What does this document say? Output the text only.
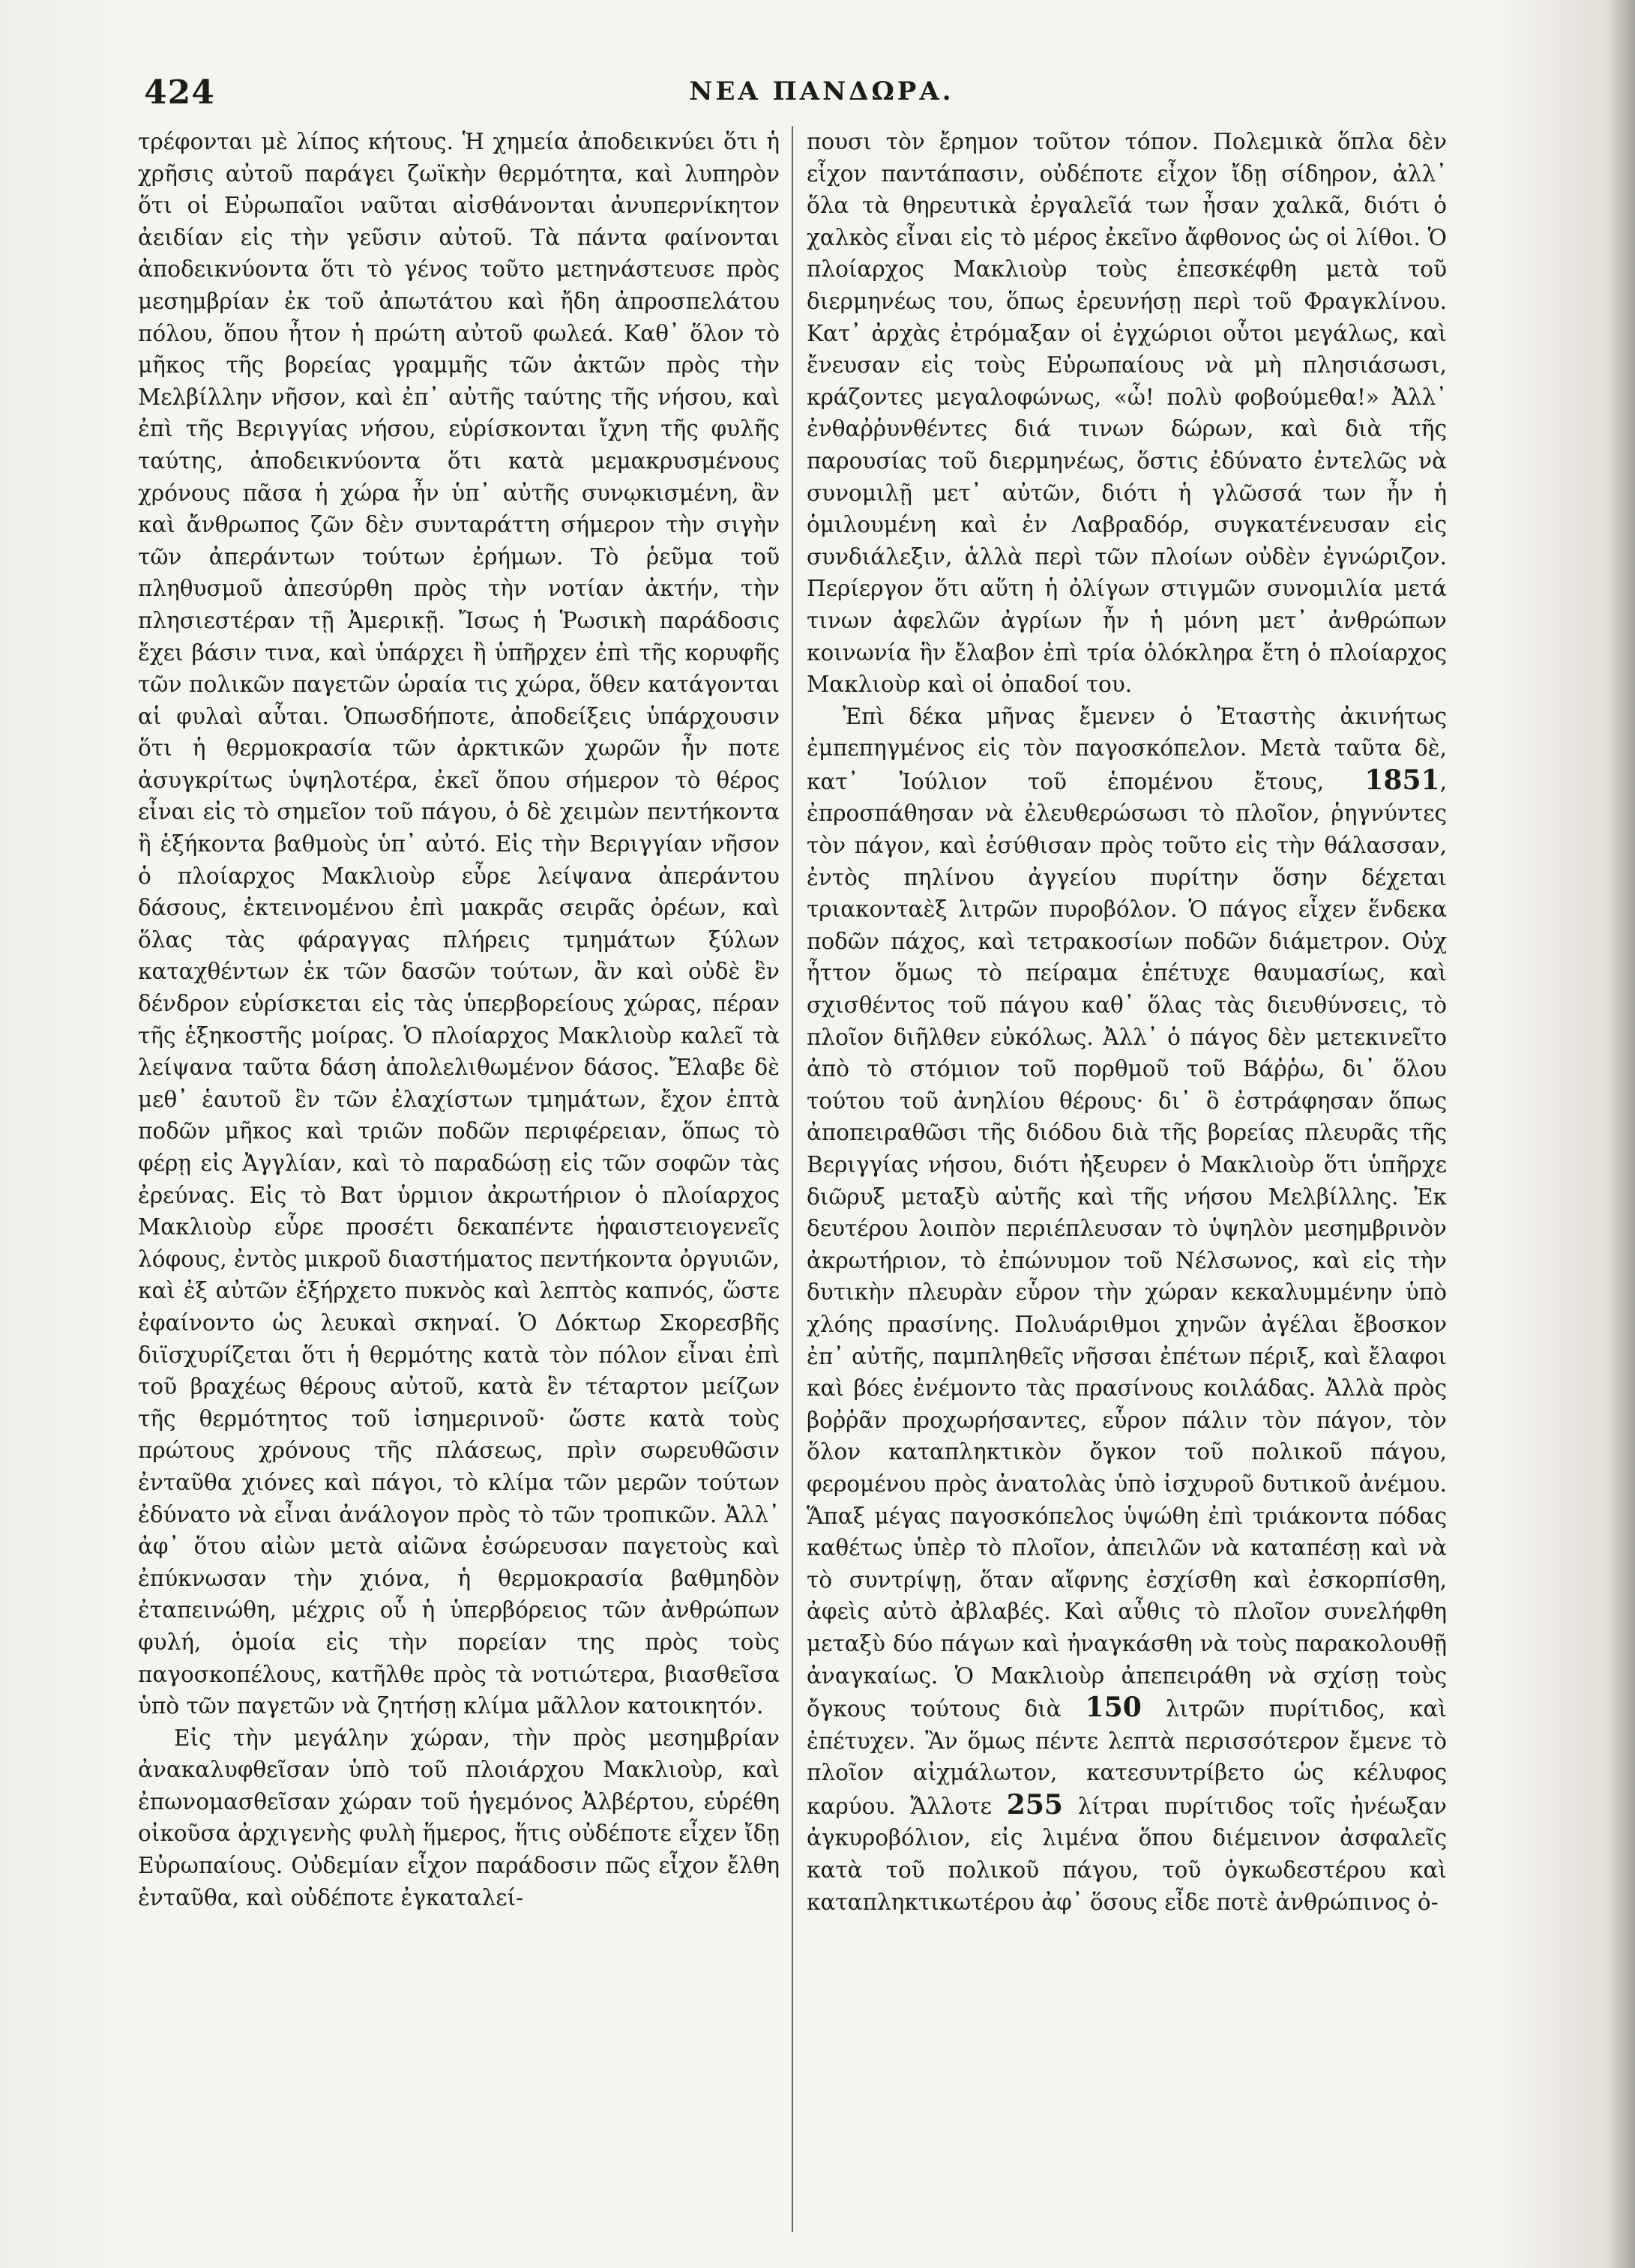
424	ΝΕΑ ΠΑΝΔΩΡΑ.

τρέφονται μὲ λίπος κήτους. Ἡ χημεία ἀποδεικνύει ὅτι ἡ χρῆσις αὐτοῦ παράγει ζωϊκὴν θερμότητα, καὶ λυπηρὸν ὅτι οἱ Εὐρωπαῖοι ναῦται αἰσθάνονται ἀνυπερνίκητον ἀειδίαν εἰς τὴν γεῦσιν αὐτοῦ. Τὰ πάντα φαίνονται ἀποδεικνύοντα ὅτι τὸ γένος τοῦτο μετηνάστευσε πρὸς μεσημβρίαν ἐκ τοῦ ἀπωτάτου καὶ ἤδη ἀπροσπελάτου πόλου, ὅπου ἦτον ἡ πρώτη αὐτοῦ φωλεά. Καθ᾿ ὅλον τὸ μῆκος τῆς βορείας γραμμῆς τῶν ἀκτῶν πρὸς τὴν Μελβίλλην νῆσον, καὶ ἐπ᾿ αὐτῆς ταύτης τῆς νήσου, καὶ ἐπὶ τῆς Βεριγγίας νήσου, εὑρίσκονται ἴχνη τῆς φυλῆς ταύτης, ἀποδεικνύοντα ὅτι κατὰ μεμακρυσμένους χρόνους πᾶσα ἡ χώρα ἦν ὑπ᾿ αὐτῆς συνῳκισμένη, ἂν καὶ ἄνθρωπος ζῶν δὲν συνταράττη σήμερον τὴν σιγὴν τῶν ἀπεράντων τούτων ἐρήμων. Τὸ ῥεῦμα τοῦ πληθυσμοῦ ἀπεσύρθη πρὸς τὴν νοτίαν ἀκτήν, τὴν πλησιεστέραν τῇ Ἀμερικῇ. Ἴσως ἡ Ῥωσικὴ παράδοσις ἔχει βάσιν τινα, καὶ ὑπάρχει ἢ ὑπῆρχεν ἐπὶ τῆς κορυφῆς τῶν πολικῶν παγετῶν ὡραία τις χώρα, ὅθεν κατάγονται αἱ φυλαὶ αὗται. Ὁπωσδήποτε, ἀποδείξεις ὑπάρχουσιν ὅτι ἡ θερμοκρασία τῶν ἀρκτικῶν χωρῶν ἦν ποτε ἀσυγκρίτως ὑψηλοτέρα, ἐκεῖ ὅπου σήμερον τὸ θέρος εἶναι εἰς τὸ σημεῖον τοῦ πάγου, ὁ δὲ χειμὼν πεντήκοντα ἢ ἑξήκοντα βαθμοὺς ὑπ᾿ αὐτό. Εἰς τὴν Βεριγγίαν νῆσον ὁ πλοίαρχος Μακλιοὺρ εὗρε λείψανα ἀπεράντου δάσους, ἐκτεινομένου ἐπὶ μακρᾶς σειρᾶς ὀρέων, καὶ ὅλας τὰς φάραγγας πλήρεις τμημάτων ξύλων καταχθέντων ἐκ τῶν δασῶν τούτων, ἂν καὶ οὐδὲ ἓν δένδρον εὑρίσκεται εἰς τὰς ὑπερβορείους χώρας, πέραν τῆς ἑξηκοστῆς μοίρας. Ὁ πλοίαρχος Μακλιοὺρ καλεῖ τὰ λείψανα ταῦτα δάση ἀπολελιθωμένον δάσος. Ἔλαβε δὲ μεθ᾿ ἑαυτοῦ ἓν τῶν ἐλαχίστων τμημάτων, ἔχον ἑπτὰ ποδῶν μῆκος καὶ τριῶν ποδῶν περιφέρειαν, ὅπως τὸ φέρῃ εἰς Ἀγγλίαν, καὶ τὸ παραδώσῃ εἰς τῶν σοφῶν τὰς ἐρεύνας. Εἰς τὸ Βατ ὑρμιον ἀκρωτήριον ὁ πλοίαρχος Μακλιοὺρ εὗρε προσέτι δεκαπέντε ἡφαιστειογενεῖς λόφους, ἐντὸς μικροῦ διαστήματος πεντήκοντα ὀργυιῶν, καὶ ἐξ αὐτῶν ἐξήρχετο πυκνὸς καὶ λεπτὸς καπνός, ὥστε ἐφαίνοντο ὡς λευκαὶ σκηναί. Ὁ Δόκτωρ Σκορεσβῆς διϊσχυρίζεται ὅτι ἡ θερμότης κατὰ τὸν πόλον εἶναι ἐπὶ τοῦ βραχέως θέρους αὐτοῦ, κατὰ ἓν τέταρτον μείζων τῆς θερμότητος τοῦ ἰσημερινοῦ· ὥστε κατὰ τοὺς πρώτους χρόνους τῆς πλάσεως, πρὶν σωρευθῶσιν ἐνταῦθα χιόνες καὶ πάγοι, τὸ κλίμα τῶν μερῶν τούτων ἐδύνατο νὰ εἶναι ἀνάλογον πρὸς τὸ τῶν τροπικῶν. Ἀλλ᾿ ἀφ᾿ ὅτου αἰὼν μετὰ αἰῶνα ἐσώρευσαν παγετοὺς καὶ ἐπύκνωσαν τὴν χιόνα, ἡ θερμοκρασία βαθμηδὸν ἐταπεινώθη, μέχρις οὗ ἡ ὑπερβόρειος τῶν ἀνθρώπων φυλή, ὁμοία εἰς τὴν πορείαν της πρὸς τοὺς παγοσκοπέλους, κατῆλθε πρὸς τὰ νοτιώτερα, βιασθεῖσα ὑπὸ τῶν παγετῶν νὰ ζητήσῃ κλίμα μᾶλλον κατοικητόν.

Εἰς τὴν μεγάλην χώραν, τὴν πρὸς μεσημβρίαν ἀνακαλυφθεῖσαν ὑπὸ τοῦ πλοιάρχου Μακλιοὺρ, καὶ ἐπωνομασθεῖσαν χώραν τοῦ ἡγεμόνος Ἀλβέρτου, εὑρέθη οἰκοῦσα ἀρχιγενὴς φυλὴ ἥμερος, ἥτις οὐδέποτε εἶχεν ἴδῃ Εὐρωπαίους. Οὐδεμίαν εἶχον παράδοσιν πῶς εἶχον ἔλθη ἐνταῦθα, καὶ οὐδέποτε ἐγκαταλεί-

πουσι τὸν ἔρημον τοῦτον τόπον. Πολεμικὰ ὅπλα δὲν εἶχον παντάπασιν, οὐδέποτε εἶχον ἴδῃ σίδηρον, ἀλλ᾿ ὅλα τὰ θηρευτικὰ ἐργαλεῖά των ἦσαν χαλκᾶ, διότι ὁ χαλκὸς εἶναι εἰς τὸ μέρος ἐκεῖνο ἄφθονος ὡς οἱ λίθοι. Ὁ πλοίαρχος Μακλιοὺρ τοὺς ἐπεσκέφθη μετὰ τοῦ διερμηνέως του, ὅπως ἐρευνήσῃ περὶ τοῦ Φραγκλίνου. Κατ᾿ ἀρχὰς ἐτρόμαξαν οἱ ἐγχώριοι οὗτοι μεγάλως, καὶ ἔνευσαν εἰς τοὺς Εὐρωπαίους νὰ μὴ πλησιάσωσι, κράζοντες μεγαλοφώνως, «ὦ! πολὺ φοβούμεθα!» Ἀλλ᾿ ἐνθαῤῥυνθέντες διά τινων δώρων, καὶ διὰ τῆς παρουσίας τοῦ διερμηνέως, ὅστις ἐδύνατο ἐντελῶς νὰ συνομιλῇ μετ᾿ αὐτῶν, διότι ἡ γλῶσσά των ἦν ἡ ὁμιλουμένη καὶ ἐν Λαβραδόρ, συγκατένευσαν εἰς συνδιάλεξιν, ἀλλὰ περὶ τῶν πλοίων οὐδὲν ἐγνώριζον. Περίεργον ὅτι αὕτη ἡ ὀλίγων στιγμῶν συνομιλία μετά τινων ἀφελῶν ἀγρίων ἦν ἡ μόνη μετ᾿ ἀνθρώπων κοινωνία ἣν ἔλαβον ἐπὶ τρία ὁλόκληρα ἔτη ὁ πλοίαρχος Μακλιοὺρ καὶ οἱ ὀπαδοί του.

Ἐπὶ δέκα μῆνας ἔμενεν ὁ Ἐταστὴς ἀκινήτως ἐμπεπηγμένος εἰς τὸν παγοσκόπελον. Μετὰ ταῦτα δὲ, κατ᾿ Ἰούλιον τοῦ ἑπομένου ἔτους, 1851, ἐπροσπάθησαν νὰ ἐλευθερώσωσι τὸ πλοῖον, ῥηγνύντες τὸν πάγον, καὶ ἐσύθισαν πρὸς τοῦτο εἰς τὴν θάλασσαν, ἐντὸς πηλίνου ἀγγείου πυρίτην ὅσην δέχεται τριακονταὲξ λιτρῶν πυροβόλον. Ὁ πάγος εἶχεν ἕνδεκα ποδῶν πάχος, καὶ τετρακοσίων ποδῶν διάμετρον. Οὐχ ἧττον ὅμως τὸ πείραμα ἐπέτυχε θαυμασίως, καὶ σχισθέντος τοῦ πάγου καθ᾿ ὅλας τὰς διευθύνσεις, τὸ πλοῖον διῆλθεν εὐκόλως. Ἀλλ᾿ ὁ πάγος δὲν μετεκινεῖτο ἀπὸ τὸ στόμιον τοῦ πορθμοῦ τοῦ Βάῤῥω, δι᾿ ὅλου τούτου τοῦ ἀνηλίου θέρους· δι᾿ ὃ ἐστράφησαν ὅπως ἀποπειραθῶσι τῆς διόδου διὰ τῆς βορείας πλευρᾶς τῆς Βεριγγίας νήσου, διότι ἠξευρεν ὁ Μακλιοὺρ ὅτι ὑπῆρχε διῶρυξ μεταξὺ αὐτῆς καὶ τῆς νήσου Μελβίλλης. Ἐκ δευτέρου λοιπὸν περιέπλευσαν τὸ ὑψηλὸν μεσημβρινὸν ἀκρωτήριον, τὸ ἐπώνυμον τοῦ Νέλσωνος, καὶ εἰς τὴν δυτικὴν πλευρὰν εὗρον τὴν χώραν κεκαλυμμένην ὑπὸ χλόης πρασίνης. Πολυάριθμοι χηνῶν ἀγέλαι ἔβοσκον ἐπ᾿ αὐτῆς, παμπληθεῖς νῆσσαι ἐπέτων πέριξ, καὶ ἔλαφοι καὶ βόες ἐνέμοντο τὰς πρασίνους κοιλάδας. Ἀλλὰ πρὸς βοῤῥᾶν προχωρήσαντες, εὗρον πάλιν τὸν πάγον, τὸν ὅλον καταπληκτικὸν ὄγκον τοῦ πολικοῦ πάγου, φερομένου πρὸς ἀνατολὰς ὑπὸ ἰσχυροῦ δυτικοῦ ἀνέμου. Ἅπαξ μέγας παγοσκόπελος ὑψώθη ἐπὶ τριάκοντα πόδας καθέτως ὑπὲρ τὸ πλοῖον, ἀπειλῶν νὰ καταπέσῃ καὶ νὰ τὸ συντρίψῃ, ὅταν αἴφνης ἐσχίσθη καὶ ἐσκορπίσθη, ἀφεὶς αὐτὸ ἀβλαβές. Καὶ αὖθις τὸ πλοῖον συνελήφθη μεταξὺ δύο πάγων καὶ ἠναγκάσθη νὰ τοὺς παρακολουθῇ ἀναγκαίως. Ὁ Μακλιοὺρ ἀπεπειράθη νὰ σχίσῃ τοὺς ὄγκους τούτους διὰ 150 λιτρῶν πυρίτιδος, καὶ ἐπέτυχεν. Ἂν ὅμως πέντε λεπτὰ περισσότερον ἔμενε τὸ πλοῖον αἰχμάλωτον, κατεσυντρίβετο ὡς κέλυφος καρύου. Ἄλλοτε 255 λίτραι πυρίτιδος τοῖς ἠνέωξαν ἀγκυροβόλιον, εἰς λιμένα ὅπου διέμεινον ἀσφαλεῖς κατὰ τοῦ πολικοῦ πάγου, τοῦ ὀγκωδεστέρου καὶ καταπληκτικωτέρου ἀφ᾿ ὅσους εἶδε ποτὲ ἀνθρώπινος ὀ-
